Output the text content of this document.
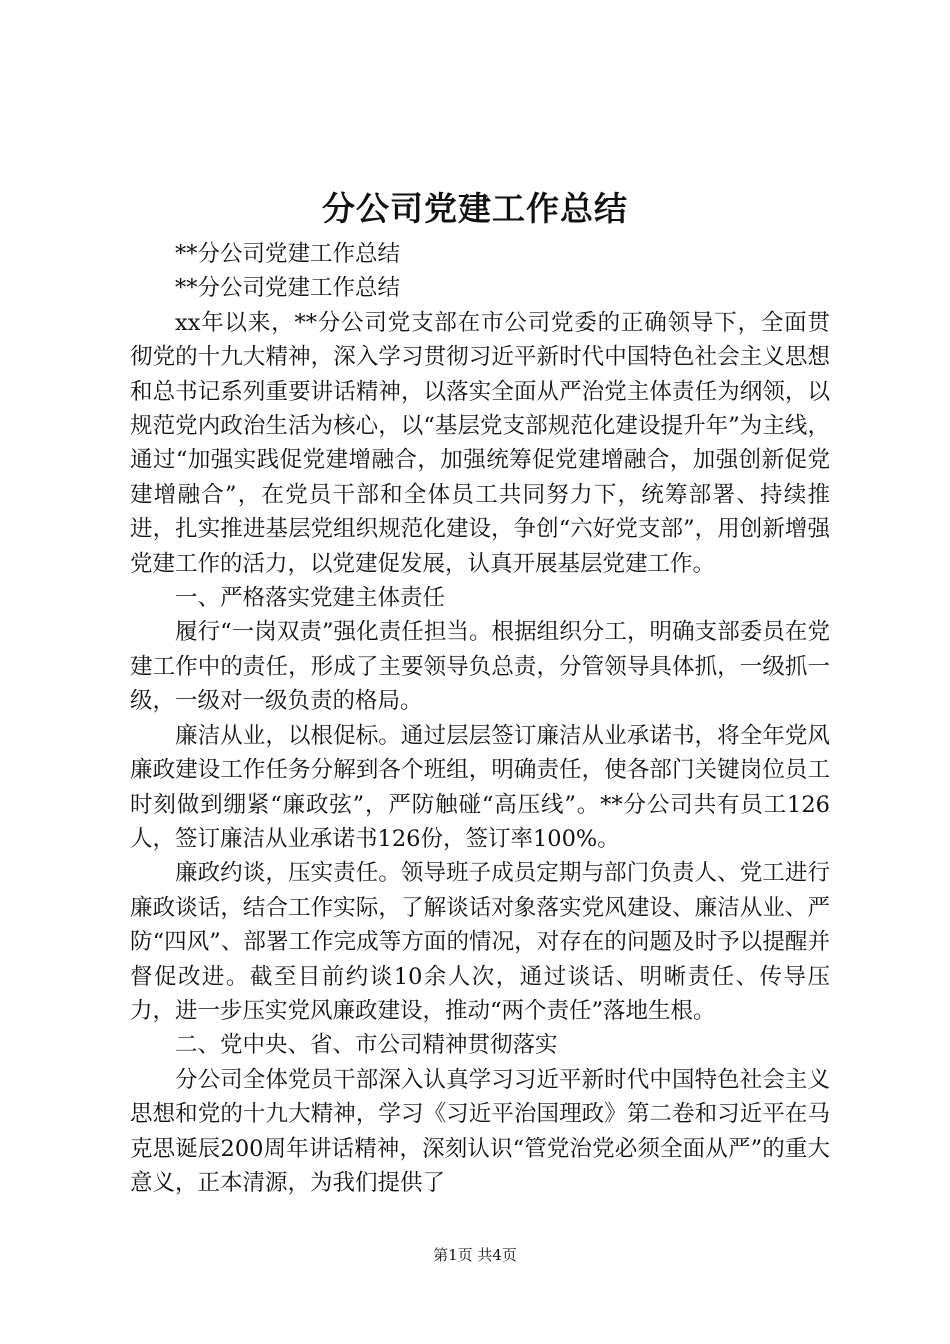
分公司党建工作总结

**分公司党建工作总结

**分公司党建工作总结

xx年以来，**分公司党支部在市公司党委的正确领导下，全面贯彻党的十九大精神，深入学习贯彻习近平新时代中国特色社会主义思想和总书记系列重要讲话精神，以落实全面从严治党主体责任为纲领，以规范党内政治生活为核心，以“基层党支部规范化建设提升年”为主线，通过“加强实践促党建增融合，加强统筹促党建增融合，加强创新促党建增融合”，在党员干部和全体员工共同努力下，统筹部署、持续推进，扎实推进基层党组织规范化建设，争创“六好党支部”，用创新增强党建工作的活力，以党建促发展，认真开展基层党建工作。

一、严格落实党建主体责任

履行“一岗双责”强化责任担当。根据组织分工，明确支部委员在党建工作中的责任，形成了主要领导负总责，分管领导具体抓，一级抓一级，一级对一级负责的格局。

廉洁从业，以根促标。通过层层签订廉洁从业承诺书，将全年党风廉政建设工作任务分解到各个班组，明确责任，使各部门关键岗位员工时刻做到绷紧“廉政弦”，严防触碰“高压线”。**分公司共有员工126人，签订廉洁从业承诺书126份，签订率100%。

廉政约谈，压实责任。领导班子成员定期与部门负责人、党工进行廉政谈话，结合工作实际，了解谈话对象落实党风建设、廉洁从业、严防“四风”、部署工作完成等方面的情况，对存在的问题及时予以提醒并督促改进。截至目前约谈10余人次，通过谈话、明晰责任、传导压力，进一步压实党风廉政建设，推动“两个责任”落地生根。

二、党中央、省、市公司精神贯彻落实

分公司全体党员干部深入认真学习习近平新时代中国特色社会主义思想和党的十九大精神，学习《习近平治国理政》第二卷和习近平在马克思诞辰200周年讲话精神，深刻认识“管党治党必须全面从严”的重大意义，正本清源，为我们提供了

第1页 共4页
